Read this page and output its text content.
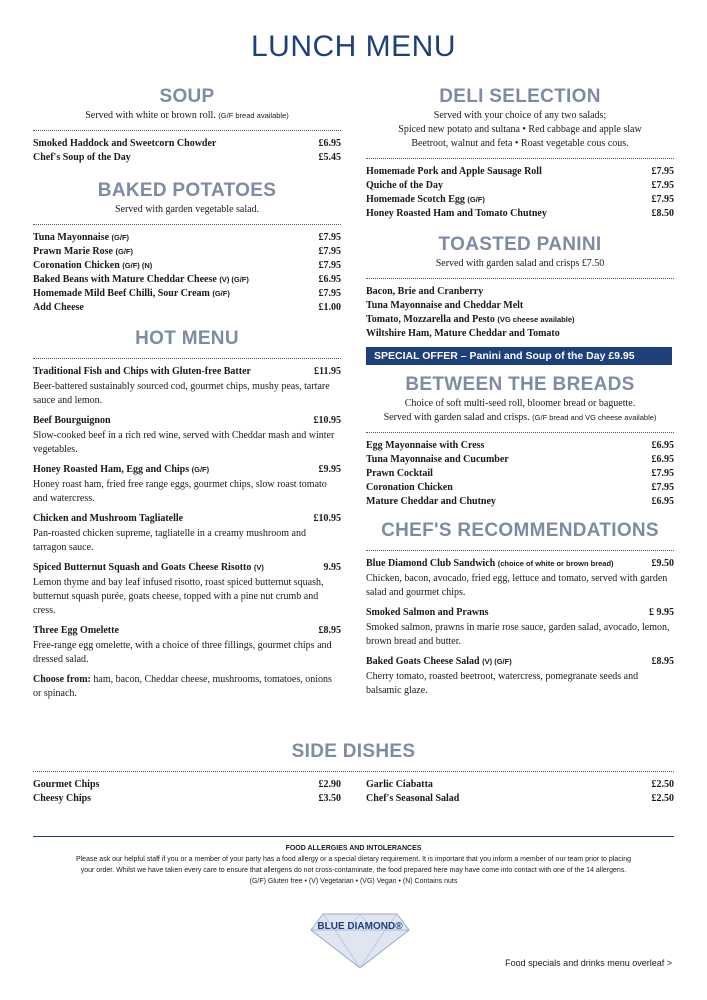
LUNCH MENU
SOUP

Served with white or brown roll. (G/F bread available)

Smoked Haddock and Sweetcorn Chowder	£6.95
Chef's Soup of the Day	£5.45
BAKED POTATOES

Served with garden vegetable salad.

Tuna Mayonnaise (G/F)	£7.95
Prawn Marie Rose (G/F)	£7.95
Coronation Chicken (G/F) (N)	£7.95
Baked Beans with Mature Cheddar Cheese (V) (G/F)	£6.95
Homemade Mild Beef Chilli, Sour Cream (G/F)	£7.95
Add Cheese	£1.00
HOT MENU
Traditional Fish and Chips with Gluten-free Batter	£11.95
Beer-battered sustainably sourced cod, gourmet chips, mushy peas, tartare sauce and lemon.
Beef Bourguignon	£10.95
Slow-cooked beef in a rich red wine, served with Cheddar mash and winter vegetables.
Honey Roasted Ham, Egg and Chips (G/F)	£9.95
Honey roast ham, fried free range eggs, gourmet chips, slow roast tomato and watercress.
Chicken and Mushroom Tagliatelle	£10.95
Pan-roasted chicken supreme, tagliatelle in a creamy mushroom and tarragon sauce.
Spiced Butternut Squash and Goats Cheese Risotto (V)	9.95
Lemon thyme and bay leaf infused risotto, roast spiced butternut squash, butternut squash purée, goats cheese, topped with a pine nut crumb and cress.
Three Egg Omelette	£8.95
Free-range egg omelette, with a choice of three fillings, gourmet chips and dressed salad.
Choose from: ham, bacon, Cheddar cheese, mushrooms, tomatoes, onions or spinach.
DELI SELECTION

Served with your choice of any two salads;

Spiced new potato and sultana • Red cabbage and apple slaw

Beetroot, walnut and feta • Roast vegetable cous cous.

Homemade Pork and Apple Sausage Roll	£7.95
Quiche of the Day	£7.95
Homemade Scotch Egg (G/F)	£7.95
Honey Roasted Ham and Tomato Chutney	£8.50
TOASTED PANINI

Served with garden salad and crisps £7.50

Bacon, Brie and Cranberry
Tuna Mayonnaise and Cheddar Melt
Tomato, Mozzarella and Pesto (VG cheese available)
Wiltshire Ham, Mature Cheddar and Tomato
SPECIAL OFFER – Panini and Soup of the Day £9.95
BETWEEN THE BREADS

Choice of soft multi-seed roll, bloomer bread or baguette.

Served with garden salad and crisps. (G/F bread and VG cheese available)

Egg Mayonnaise with Cress	£6.95
Tuna Mayonnaise and Cucumber	£6.95
Prawn Cocktail	£7.95
Coronation Chicken	£7.95
Mature Cheddar and Chutney	£6.95
CHEF'S RECOMMENDATIONS
Blue Diamond Club Sandwich (choice of white or brown bread)	£9.50
Chicken, bacon, avocado, fried egg, lettuce and tomato, served with garden salad and gourmet chips.
Smoked Salmon and Prawns	£ 9.95
Smoked salmon, prawns in marie rose sauce, garden salad, avocado, lemon, brown bread and butter.
Baked Goats Cheese Salad (V) (G/F)	£8.95
Cherry tomato, roasted beetroot, watercress, pomegranate seeds and balsamic glaze.
SIDE DISHES
Gourmet Chips	£2.90
Cheesy Chips	£3.50
Garlic Ciabatta	£2.50
Chef's Seasonal Salad	£2.50
FOOD ALLERGIES AND INTOLERANCES
Please ask our helpful staff if you or a member of your party has a food allergy or a special dietary requirement. It is important that you inform a member of our team prior to placing
your order. Whilst we have taken every care to ensure that allergens do not cross-contaminate, the food prepared here may have come into contact with one of the 14 allergens.
(G/F) Gluten free • (V) Vegetarian • (VG) Vegan • (N) Contains nuts
BLUE DIAMOND®
Food specials and drinks menu overleaf >
